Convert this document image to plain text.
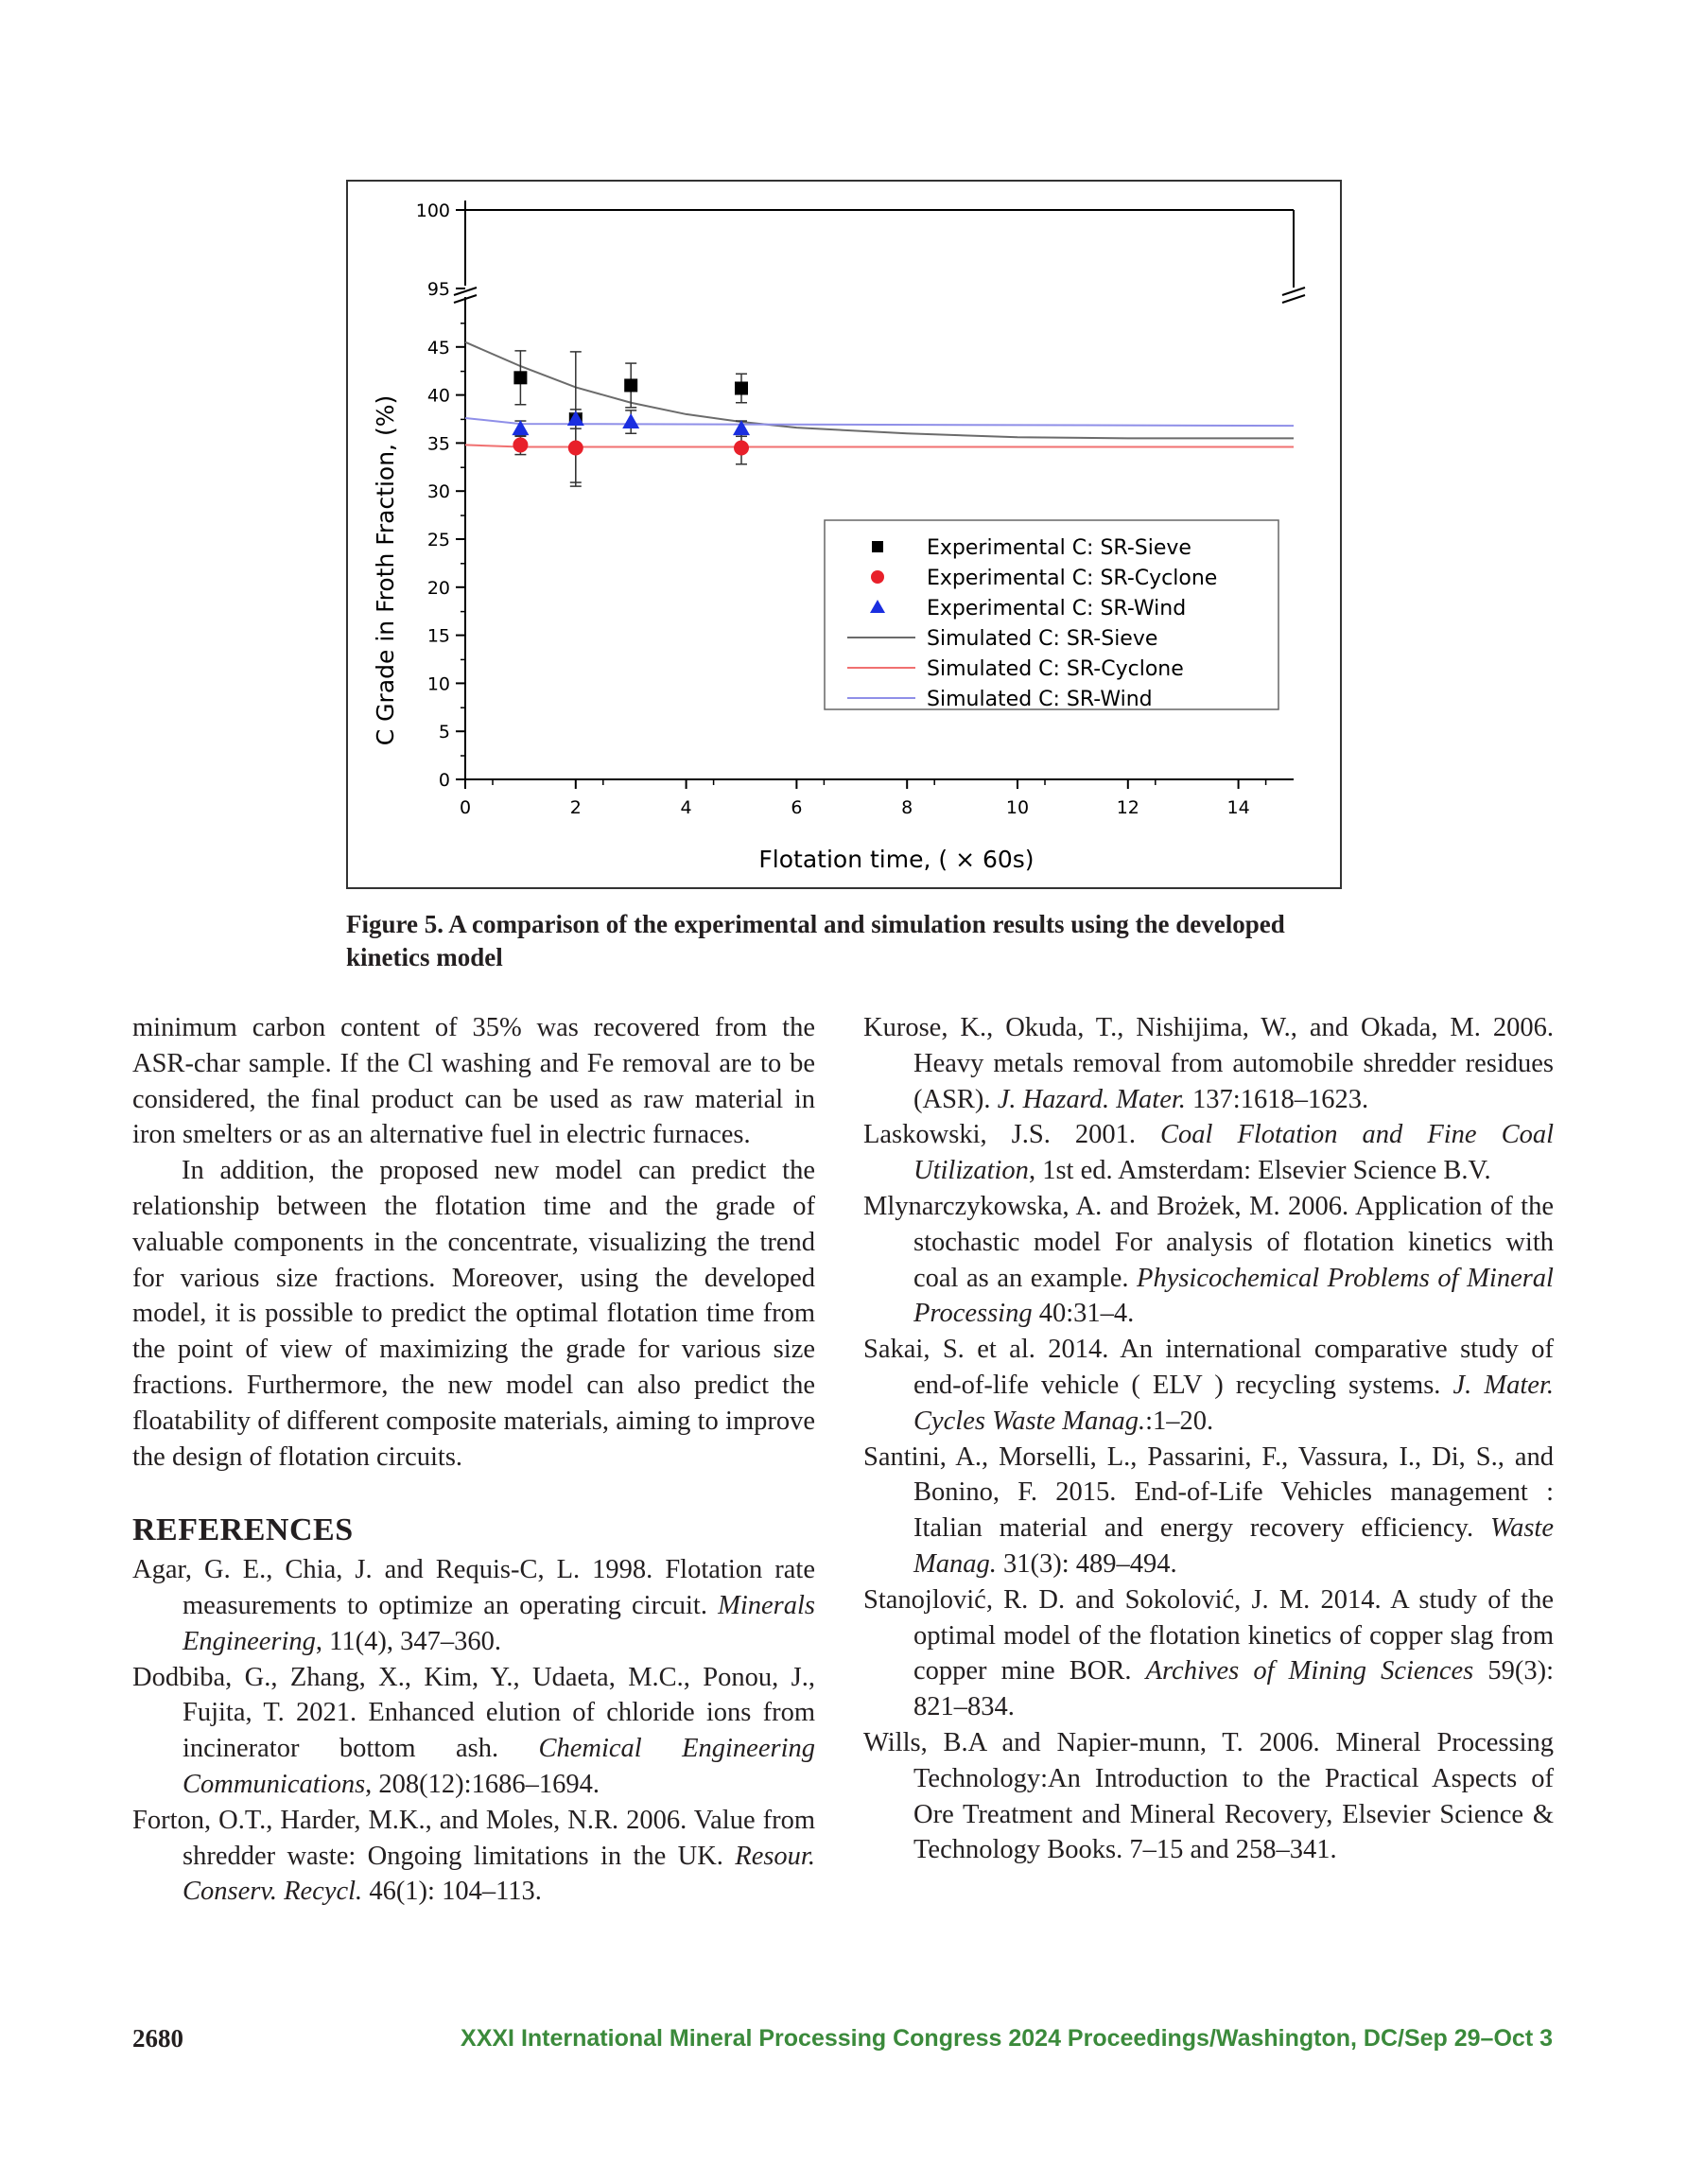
0
5
10
15
20
25
30
35
40
45
95
100
0	2	4	6	8	10	12	14
Flotation time, ( × 60s)
C Grade in Froth Fraction, (%)	Experimental C: SR-Sieve
Experimental C: SR-Cyclone
Experimental C: SR-Wind
Simulated C: SR-Sieve
Simulated C: SR-Cyclone
Simulated C: SR-Wind
Figure 5. A comparison of the experimental and simulation results using the developed kinetics model

minimum carbon content of 35% was recovered from the ASR-char sample. If the Cl washing and Fe removal are to be considered, the final product can be used as raw material in iron smelters or as an alternative fuel in electric furnaces.

In addition, the proposed new model can predict the relationship between the flotation time and the grade of valuable components in the concentrate, visualizing the trend for various size fractions. Moreover, using the developed model, it is possible to predict the optimal flotation time from the point of view of maximizing the grade for various size fractions. Furthermore, the new model can also predict the floatability of different composite materials, aiming to improve the design of flotation circuits.

REFERENCES

Agar, G. E., Chia, J. and Requis-C, L. 1998. Flotation rate measurements to optimize an operating circuit. Minerals Engineering, 11(4), 347–360.

Dodbiba, G., Zhang, X., Kim, Y., Udaeta, M.C., Ponou, J., Fujita, T. 2021. Enhanced elution of chloride ions from incinerator bottom ash. Chemical Engineering Communications, 208(12):1686–1694.

Forton, O.T., Harder, M.K., and Moles, N.R. 2006. Value from shredder waste: Ongoing limitations in the UK. Resour. Conserv. Recycl. 46(1): 104–113.

Kurose, K., Okuda, T., Nishijima, W., and Okada, M. 2006. Heavy metals removal from automobile shredder residues (ASR). J. Hazard. Mater. 137:1618–1623.

Laskowski, J.S. 2001. Coal Flotation and Fine Coal Utilization, 1st ed. Amsterdam: Elsevier Science B.V.

Mlynarczykowska, A. and Brożek, M. 2006. Application of the stochastic model For analysis of flotation kinetics with coal as an example. Physicochemical Problems of Mineral Processing 40:31–4.

Sakai, S. et al. 2014. An international comparative study of end-of-life vehicle ( ELV ) recycling systems. J. Mater. Cycles Waste Manag.:1–20.

Santini, A., Morselli, L., Passarini, F., Vassura, I., Di, S., and Bonino, F. 2015. End-of-Life Vehicles management : Italian material and energy recovery efficiency. Waste Manag. 31(3): 489–494.

Stanojlović, R. D. and Sokolović, J. M. 2014. A study of the optimal model of the flotation kinetics of copper slag from copper mine BOR. Archives of Mining Sciences 59(3): 821–834.

Wills, B.A and Napier-munn, T. 2006. Mineral Processing Technology:An Introduction to the Practical Aspects of Ore Treatment and Mineral Recovery, Elsevier Science & Technology Books. 7–15 and 258–341.

2680	XXXI International Mineral Processing Congress 2024 Proceedings/Washington, DC/Sep 29–Oct 3
